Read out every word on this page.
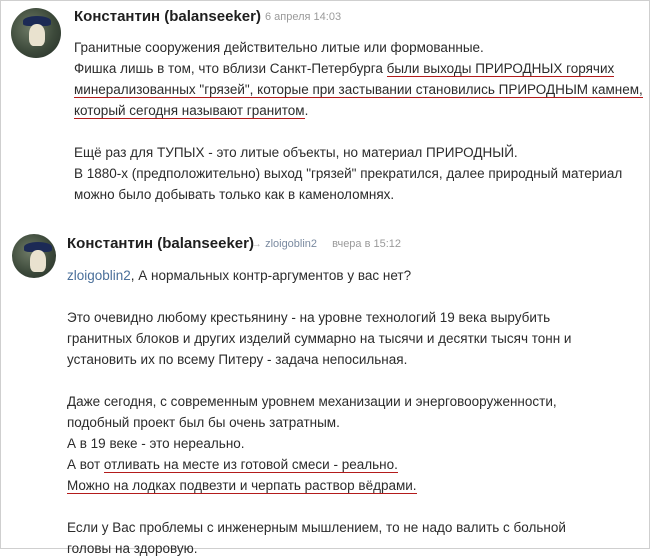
Константин (balanseeker) 6 апреля 14:03
Гранитные сооружения действительно литые или формованные.
Фишка лишь в том, что вблизи Санкт-Петербурга были выходы ПРИРОДНЫХ горячих
минерализованных "грязей", которые при застывании становились ПРИРОДНЫМ камнем,
который сегодня называют гранитом.
Ещё раз для ТУПЫХ - это литые объекты, но материал ПРИРОДНЫЙ.
В 1880-х (предположительно) выход "грязей" прекратился, далее природный материал
можно было добывать только как в каменоломнях.
Константин (balanseeker)
→ zloigoblin2 вчера в 15:12
zloigoblin2, А нормальных контр-аргументов у вас нет?
Это очевидно любому крестьянину - на уровне технологий 19 века вырубить
гранитных блоков и других изделий суммарно на тысячи и десятки тысяч тонн и
установить их по всему Питеру - задача непосильная.
Даже сегодня, с современным уровнем механизации и энерговооруженности,
подобный проект был бы очень затратным.
А в 19 веке - это нереально.
А вот отливать на месте из готовой смеси - реально.
Можно на лодках подвезти и черпать раствор вёдрами.
Если у Вас проблемы с инженерным мышлением, то не надо валить с больной
головы на здоровую.
